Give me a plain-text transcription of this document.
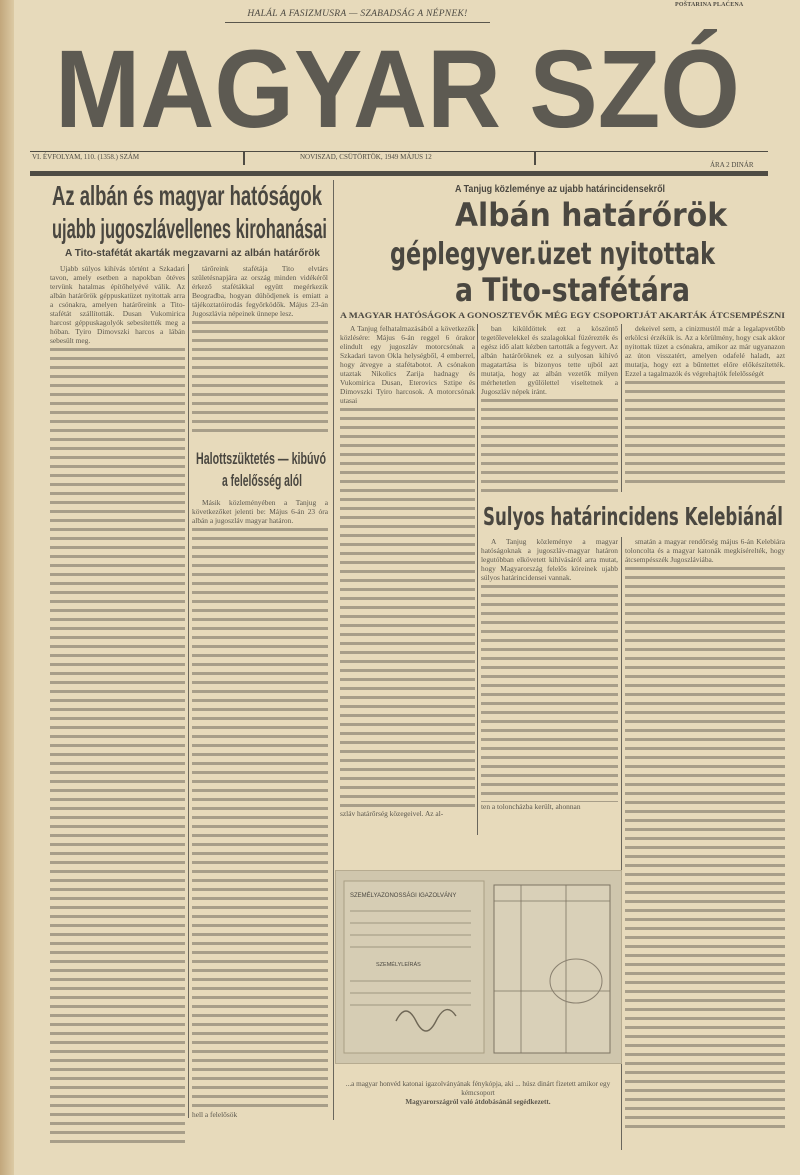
MAGYAR SZÓ
HALÁL A FASIZMUSRA — SZABADSÁG A NÉPNEK!
POŠTARINA PLAĆENA
VI. ÉVFOLYAM, 110. (1358.) SZÁM	NOVISZAD, CSÜTÖRTÖK, 1949 MÁJUS 12
ÁRA 2 DINÁR
Az albán és magyar hatóságok
ujabb jugoszlávellenes kirohanásai
A Tito-stafétát akarták megzavarni az albán határőrök

Ujabb súlyos kihívás történt a Szkadari tavon, amely esetben a napokban ötéves tervünk hatalmas építőhelyévé válik. Az albán határőrök géppuskatüzet nyitottak arra a csónakra, amelyen határőreink a Tito-stafétát szállították. Dusan Vukomirica harcost géppuskagolyók sebesítették meg a hóban. Tyiro Dimovszki harcos a lábán sebesült meg.

tárőreink stafétája Tito elvtárs születésnapjára az ország minden vidékéről érkező stafétákkal együtt megérkezik Beogradba, hogyan dühödjenek is emiatt a tájékoztatóirodás fegyőrködők. Május 23-án Jugoszlávia népeinek ünnepe lesz.

Halottszüktetés — kibúvó
a felelősség alól

Másik közleményében a Tanjug a következőket jelenti be: Május 6-án 23 óra albán a jugoszláv magyar határon.

hell a felelősök

A Tanjug közleménye az ujabb határincidensekről
Albán határőrök
géplegyver.üzet nyitottak
a Tito-stafétára
A MAGYAR HATÓSÁGOK A GONOSZTEVŐK MÉG EGY CSOPORTJÁT AKARTÁK ÁTCSEMPÉSZNI

A Tanjug felhatalmazásából a következők közlésére: Május 6-án reggel 6 órakor elindult egy jugoszláv motorcsónak a Szkadari tavon Okla helységből, 4 emberrel, hogy átvegye a stafétabotot. A csónakon utaztak Nikolics Zarija hadnagy és Vukomirica Dusan, Eterovics Sztipe és Dimovszki Tyiro harcosok. A motorcsónak utasai

szláv határőrség közegeivel. Az al-

ban kiküldöttek ezt a köszöntő tegetőlevelekkel és szalagokkal füzérezték és egész idő alatt kézben tartották a fegyvert. Az albán határőröknek ez a sulyosan kihívó magatartása is bizonyos tette ujból azt mutatja, hogy az albán vezetők milyen mérhetetlen gyűlölettel viseltetnek a Jugoszláv népek iránt.

dekeivel sem, a cinizmustól már a legalapvetőbb erkölcsi érzékük is. Az a körülmény, hogy csak akkor nyitottak tüzet a csónakra, amikor az már ugyanazon az úton visszatért, amelyen odafelé haladt, azt mutatja, hogy ezt a bűntettet előre előkészítették. Ezzel a tagalmazók és végrehajtók felelősségét

Sulyos határincidens Kelebiánál

A Tanjug közleménye a magyar hatóságoknak a jugoszláv-magyar határon legutóbban elkövetett kihívásáról arra mutat, hogy Magyarország felelős köreinek ujabb súlyos határincidensei vannak.

ten a toloncházba került, ahonnan

smatán a magyar rendőrség május 6-án Kelebiára toloncolta és a magyar katonák megkísérelték, hogy átcsempésszék Jugoszláviába.

SZEMÉLYAZONOSSÁGI IGAZOLVÁNY
SZEMÉLYLEÍRÁS
...a magyar honvéd katonai igazolványának fénykópja, aki ... húsz dinárt fizetett amikor egy kémcsoport
Magyarországról való átdobásánál segédkezett.
